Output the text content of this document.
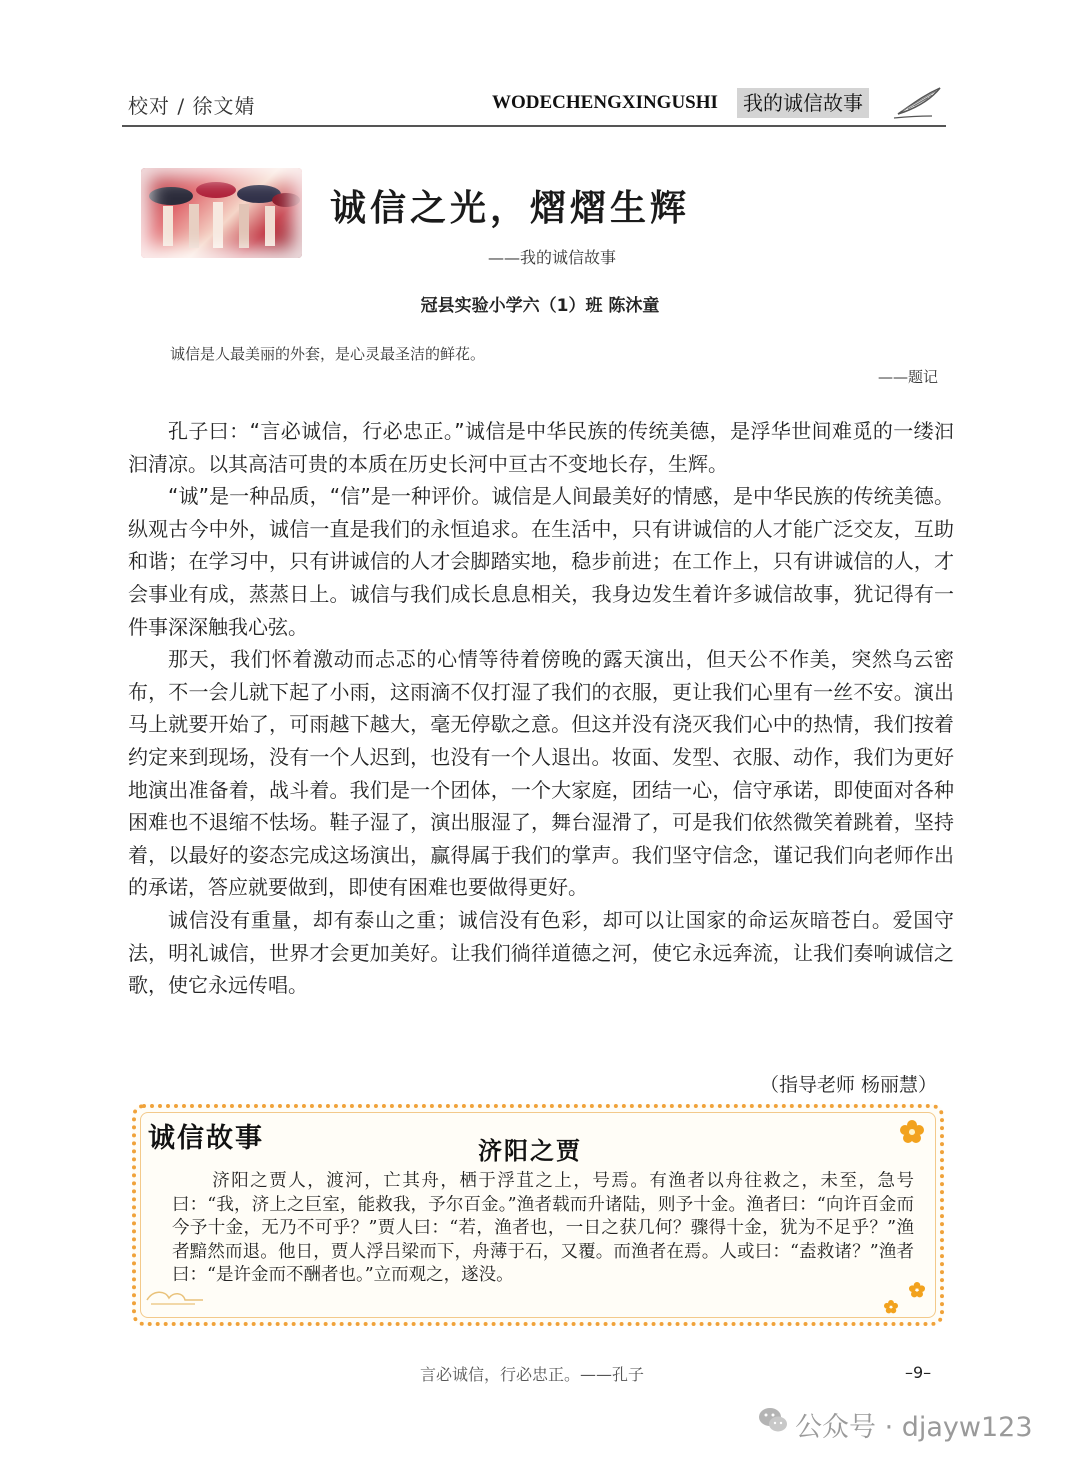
校对 / 徐文婧	WODECHENGXINGUSHI	我的诚信故事
诚信之光，熠熠生辉
——我的诚信故事
冠县实验小学六（1）班 陈沐童
诚信是人最美丽的外套，是心灵最圣洁的鲜花。
——题记

孔子曰：“言必诚信，行必忠正。”诚信是中华民族的传统美德，是浮华世间难觅的一缕汩汩清凉。以其高洁可贵的本质在历史长河中亘古不变地长存，生辉。

“诚”是一种品质，“信”是一种评价。诚信是人间最美好的情感，是中华民族的传统美德。纵观古今中外，诚信一直是我们的永恒追求。在生活中，只有讲诚信的人才能广泛交友，互助和谐；在学习中，只有讲诚信的人才会脚踏实地，稳步前进；在工作上，只有讲诚信的人，才会事业有成，蒸蒸日上。诚信与我们成长息息相关，我身边发生着许多诚信故事，犹记得有一件事深深触我心弦。

那天，我们怀着激动而忐忑的心情等待着傍晚的露天演出，但天公不作美，突然乌云密布，不一会儿就下起了小雨，这雨滴不仅打湿了我们的衣服，更让我们心里有一丝不安。演出马上就要开始了，可雨越下越大，毫无停歇之意。但这并没有浇灭我们心中的热情，我们按着约定来到现场，没有一个人迟到，也没有一个人退出。妆面、发型、衣服、动作，我们为更好地演出准备着，战斗着。我们是一个团体，一个大家庭，团结一心，信守承诺，即使面对各种困难也不退缩不怯场。鞋子湿了，演出服湿了，舞台湿滑了，可是我们依然微笑着跳着，坚持着，以最好的姿态完成这场演出，赢得属于我们的掌声。我们坚守信念，谨记我们向老师作出的承诺，答应就要做到，即使有困难也要做得更好。

诚信没有重量，却有泰山之重；诚信没有色彩，却可以让国家的命运灰暗苍白。爱国守法，明礼诚信，世界才会更加美好。让我们徜徉道德之河，使它永远奔流，让我们奏响诚信之歌，使它永远传唱。

（指导老师 杨丽慧）
诚信故事	济阳之贾

济阳之贾人，渡河，亡其舟，栖于浮苴之上，号焉。有渔者以舟往救之，未至，急号曰：“我，济上之巨室，能救我，予尔百金。”渔者载而升诸陆，则予十金。渔者曰：“向许百金而今予十金，无乃不可乎？”贾人曰：“若，渔者也，一日之获几何？骤得十金，犹为不足乎？”渔者黯然而退。他日，贾人浮吕梁而下，舟薄于石，又覆。而渔者在焉。人或曰：“盍救诸？”渔者曰：“是许金而不酬者也。”立而观之，遂没。

言必诚信，行必忠正。——孔子	–9–
公众号 · djayw123
